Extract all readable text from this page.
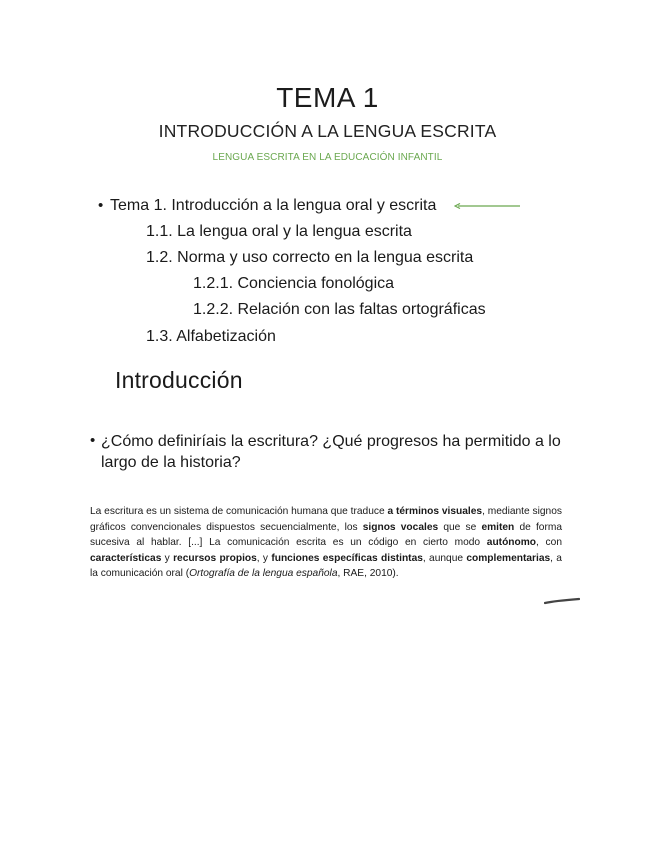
TEMA 1
INTRODUCCIÓN A LA LENGUA ESCRITA
LENGUA ESCRITA EN LA EDUCACIÓN INFANTIL
• Tema 1. Introducción a la lengua oral y escrita
1.1. La lengua oral y la lengua escrita
1.2. Norma y uso correcto en la lengua escrita
1.2.1. Conciencia fonológica
1.2.2. Relación con las faltas ortográficas
1.3. Alfabetización
Introducción
• ¿Cómo definiríais la escritura? ¿Qué progresos ha permitido a lo largo de la historia?
La escritura es un sistema de comunicación humana que traduce a términos visuales, mediante signos gráficos convencionales dispuestos secuencialmente, los signos vocales que se emiten de forma sucesiva al hablar. [...] La comunicación escrita es un código en cierto modo autónomo, con características y recursos propios, y funciones específicas distintas, aunque complementarias, a la comunicación oral (Ortografía de la lengua española, RAE, 2010).
